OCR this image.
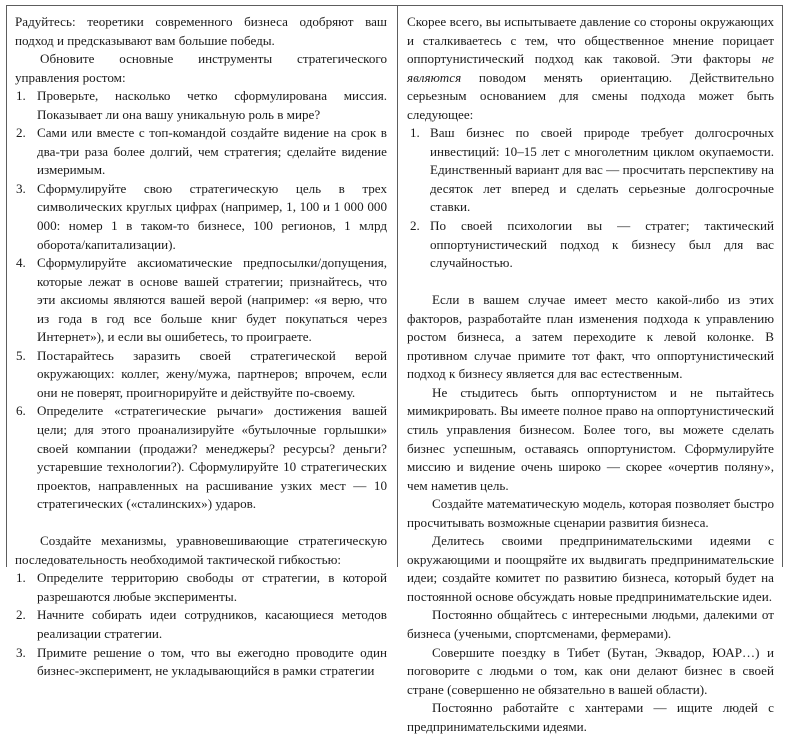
Радуйтесь: теоретики современного бизнеса одобряют ваш подход и предсказывают вам большие победы.

Обновите основные инструменты стратегического управления ростом:

Проверьте, насколько четко сформулирована миссия. Показывает ли она вашу уникальную роль в мире?
Сами или вместе с топ-командой создайте видение на срок в два-три раза более долгий, чем стратегия; сделайте видение измеримым.
Сформулируйте свою стратегическую цель в трех символических круглых цифрах (например, 1, 100 и 1 000 000 000: номер 1 в таком-то бизнесе, 100 регионов, 1 млрд оборота/капитализации).
Сформулируйте аксиоматические предпосылки/допущения, которые лежат в основе вашей стратегии; признайтесь, что эти аксиомы являются вашей верой (например: «я верю, что из года в год все больше книг будет покупаться через Интернет»), и если вы ошибетесь, то проиграете.
Постарайтесь заразить своей стратегической верой окружающих: коллег, жену/мужа, партнеров; впрочем, если они не поверят, проигнорируйте и действуйте по-своему.
Определите «стратегические рычаги» достижения вашей цели; для этого проанализируйте «бутылочные горлышки» своей компании (продажи? менеджеры? ресурсы? деньги? устаревшие технологии?). Сформулируйте 10 стратегических проектов, направленных на расшивание узких мест — 10 стратегических («сталинских») ударов.

Создайте механизмы, уравновешивающие стратегическую последовательность необходимой тактической гибкостью:

Определите территорию свободы от стратегии, в которой разрешаются любые эксперименты.
Начните собирать идеи сотрудников, касающиеся методов реализации стратегии.
Примите решение о том, что вы ежегодно проводите один бизнес-эксперимент, не укладывающийся в рамки стратегии

Скорее всего, вы испытываете давление со стороны окружающих и сталкиваетесь с тем, что общественное мнение порицает оппортунистический подход как таковой. Эти факторы не являются поводом менять ориентацию. Действительно серьезным основанием для смены подхода может быть следующее:

Ваш бизнес по своей природе требует долгосрочных инвестиций: 10–15 лет с многолетним циклом окупаемости. Единственный вариант для вас — просчитать перспективу на десяток лет вперед и сделать серьезные долгосрочные ставки.
По своей психологии вы — стратег; тактический оппортунистический подход к бизнесу был для вас случайностью.

Если в вашем случае имеет место какой-либо из этих факторов, разработайте план изменения подхода к управлению ростом бизнеса, а затем переходите к левой колонке. В противном случае примите тот факт, что оппортунистический подход к бизнесу является для вас естественным.

Не стыдитесь быть оппортунистом и не пытайтесь мимикрировать. Вы имеете полное право на оппортунистический стиль управления бизнесом. Более того, вы можете сделать бизнес успешным, оставаясь оппортунистом. Сформулируйте миссию и видение очень широко — скорее «очертив поляну», чем наметив цель.

Создайте математическую модель, которая позволяет быстро просчитывать возможные сценарии развития бизнеса.

Делитесь своими предпринимательскими идеями с окружающими и поощряйте их выдвигать предпринимательские идеи; создайте комитет по развитию бизнеса, который будет на постоянной основе обсуждать новые предпринимательские идеи.

Постоянно общайтесь с интересными людьми, далекими от бизнеса (учеными, спортсменами, фермерами).

Совершите поездку в Тибет (Бутан, Эквадор, ЮАР…) и поговорите с людьми о том, как они делают бизнес в своей стране (совершенно не обязательно в вашей области).

Постоянно работайте с хантерами — ищите людей с предпринимательскими идеями.
